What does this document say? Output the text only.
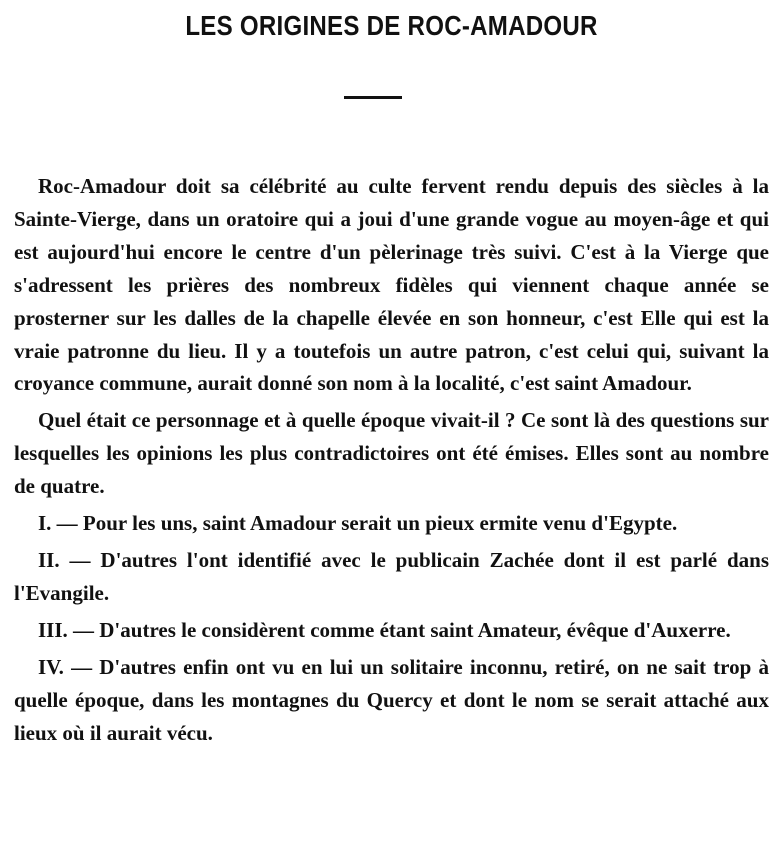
LES ORIGINES DE ROC-AMADOUR

Roc-Amadour doit sa célébrité au culte fervent rendu depuis des siècles à la Sainte-Vierge, dans un oratoire qui a joui d'une grande vogue au moyen-âge et qui est aujourd'hui encore le centre d'un pèlerinage très suivi. C'est à la Vierge que s'adressent les prières des nombreux fidèles qui viennent chaque année se prosterner sur les dalles de la chapelle élevée en son honneur, c'est Elle qui est la vraie patronne du lieu. Il y a toutefois un autre patron, c'est celui qui, suivant la croyance commune, aurait donné son nom à la localité, c'est saint Amadour.

Quel était ce personnage et à quelle époque vivait-il ? Ce sont là des questions sur lesquelles les opinions les plus contradictoires ont été émises. Elles sont au nombre de quatre.

I. — Pour les uns, saint Amadour serait un pieux ermite venu d'Egypte.

II. — D'autres l'ont identifié avec le publicain Zachée dont il est parlé dans l'Evangile.

III. — D'autres le considèrent comme étant saint Amateur, évêque d'Auxerre.

IV. — D'autres enfin ont vu en lui un solitaire inconnu, retiré, on ne sait trop à quelle époque, dans les montagnes du Quercy et dont le nom se serait attaché aux lieux où il aurait vécu.
